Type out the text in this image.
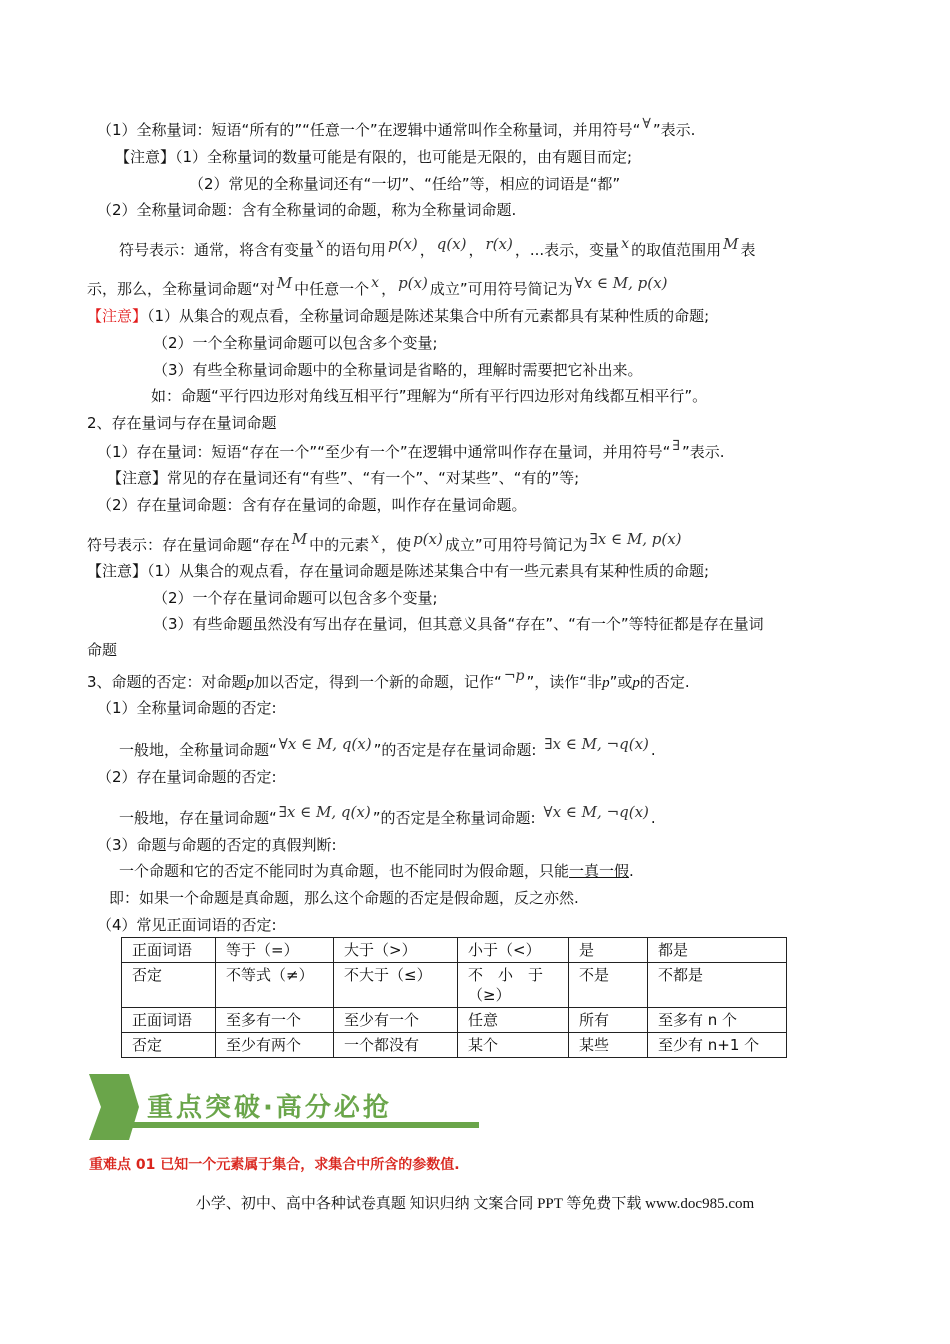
（1）全称量词：短语“所有的”“任意一个”在逻辑中通常叫作全称量词，并用符号“ ∀ ”表示.
【注意】（1）全称量词的数量可能是有限的，也可能是无限的，由有题目而定;
（2）常见的全称量词还有“一切”、“任给”等，相应的词语是“都”
（2）全称量词命题：含有全称量词的命题，称为全称量词命题.
符号表示：通常，将含有变量 x 的语句用 p(x) ， q(x) ， r(x) ，...表示，变量 x 的取值范围用 M 表
示，那么，全称量词命题“对 M 中任意一个 x ， p(x) 成立”可用符号简记为 ∀x ∈ M, p(x)
【注意】（1）从集合的观点看，全称量词命题是陈述某集合中所有元素都具有某种性质的命题;
（2）一个全称量词命题可以包含多个变量;
（3）有些全称量词命题中的全称量词是省略的，理解时需要把它补出来。
如：命题“平行四边形对角线互相平行”理解为“所有平行四边形对角线都互相平行”。
2、存在量词与存在量词命题
（1）存在量词：短语“存在一个”“至少有一个”在逻辑中通常叫作存在量词，并用符号“ ∃ ”表示.
【注意】常见的存在量词还有“有些”、“有一个”、“对某些”、“有的”等;
（2）存在量词命题：含有存在量词的命题，叫作存在量词命题。
符号表示：存在量词命题“存在 M 中的元素 x ，使 p(x) 成立”可用符号简记为 ∃x ∈ M, p(x)
【注意】（1）从集合的观点看，存在量词命题是陈述某集合中有一些元素具有某种性质的命题;
（2）一个存在量词命题可以包含多个变量;
（3）有些命题虽然没有写出存在量词，但其意义具备“存在”、“有一个”等特征都是存在量词
命题
3、命题的否定：对命题p加以否定，得到一个新的命题，记作“ ¬p ”，读作“非p”或p的否定.
（1）全称量词命题的否定:
一般地，全称量词命题“ ∀x ∈ M, q(x) ”的否定是存在量词命题: ∃x ∈ M, ¬q(x) .
（2）存在量词命题的否定:
一般地，存在量词命题“ ∃x ∈ M, q(x) ”的否定是全称量词命题: ∀x ∈ M, ¬q(x) .
（3）命题与命题的否定的真假判断:
一个命题和它的否定不能同时为真命题，也不能同时为假命题，只能一真一假.
即：如果一个命题是真命题，那么这个命题的否定是假命题，反之亦然.
（4）常见正面词语的否定:
正面词语	等于（=）	大于（>）	小于（<）	是	都是
否定	不等式（≠）	不大于（≤）	不　小　于（≥）	不是	不都是
正面词语	至多有一个	至少有一个	任意	所有	至多有 n 个
否定	至少有两个	一个都没有	某个	某些	至少有 n+1 个
重点突破·高分必抢
重难点 01 已知一个元素属于集合，求集合中所含的参数值.
小学、初中、高中各种试卷真题 知识归纳 文案合同 PPT 等免费下载 www.doc985.com
